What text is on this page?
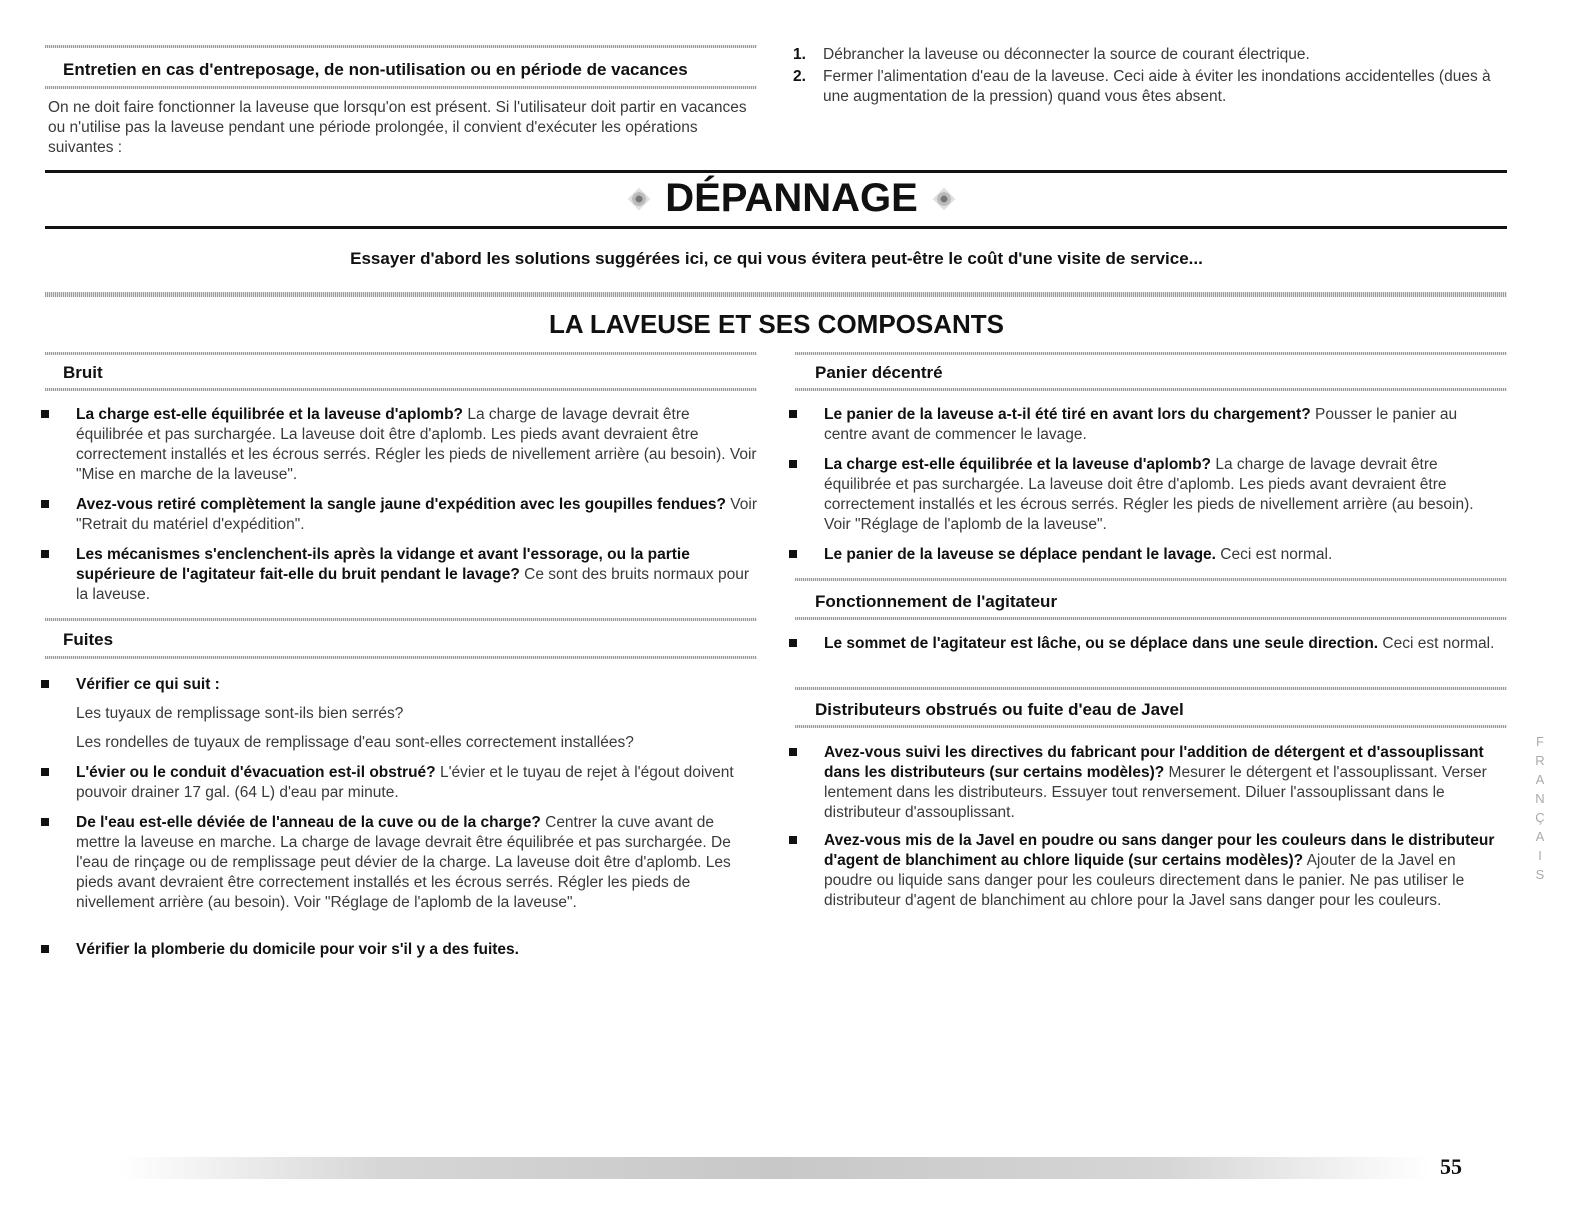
Entretien en cas d'entreposage, de non-utilisation ou en période de vacances
On ne doit faire fonctionner la laveuse que lorsqu'on est présent. Si l'utilisateur doit partir en vacances ou n'utilise pas la laveuse pendant une période prolongée, il convient d'exécuter les opérations suivantes :
1. Débrancher la laveuse ou déconnecter la source de courant électrique.
2. Fermer l'alimentation d'eau de la laveuse. Ceci aide à éviter les inondations accidentelles (dues à une augmentation de la pression) quand vous êtes absent.
DÉPANNAGE
Essayer d'abord les solutions suggérées ici, ce qui vous évitera peut-être le coût d'une visite de service...
LA LAVEUSE ET SES COMPOSANTS
Bruit
La charge est-elle équilibrée et la laveuse d'aplomb? La charge de lavage devrait être équilibrée et pas surchargée. La laveuse doit être d'aplomb. Les pieds avant devraient être correctement installés et les écrous serrés. Régler les pieds de nivellement arrière (au besoin). Voir "Mise en marche de la laveuse".
Avez-vous retiré complètement la sangle jaune d'expédition avec les goupilles fendues? Voir "Retrait du matériel d'expédition".
Les mécanismes s'enclenchent-ils après la vidange et avant l'essorage, ou la partie supérieure de l'agitateur fait-elle du bruit pendant le lavage? Ce sont des bruits normaux pour la laveuse.
Fuites
Vérifier ce qui suit :
Les tuyaux de remplissage sont-ils bien serrés?
Les rondelles de tuyaux de remplissage d'eau sont-elles correctement installées?
L'évier ou le conduit d'évacuation est-il obstrué? L'évier et le tuyau de rejet à l'égout doivent pouvoir drainer 17 gal. (64 L) d'eau par minute.
De l'eau est-elle déviée de l'anneau de la cuve ou de la charge? Centrer la cuve avant de mettre la laveuse en marche. La charge de lavage devrait être équilibrée et pas surchargée. De l'eau de rinçage ou de remplissage peut dévier de la charge. La laveuse doit être d'aplomb. Les pieds avant devraient être correctement installés et les écrous serrés. Régler les pieds de nivellement arrière (au besoin). Voir "Réglage de l'aplomb de la laveuse".
Vérifier la plomberie du domicile pour voir s'il y a des fuites.
Panier décentré
Le panier de la laveuse a-t-il été tiré en avant lors du chargement? Pousser le panier au centre avant de commencer le lavage.
La charge est-elle équilibrée et la laveuse d'aplomb? La charge de lavage devrait être équilibrée et pas surchargée. La laveuse doit être d'aplomb. Les pieds avant devraient être correctement installés et les écrous serrés. Régler les pieds de nivellement arrière (au besoin). Voir "Réglage de l'aplomb de la laveuse".
Le panier de la laveuse se déplace pendant le lavage. Ceci est normal.
Fonctionnement de l'agitateur
Le sommet de l'agitateur est lâche, ou se déplace dans une seule direction. Ceci est normal.
Distributeurs obstrués ou fuite d'eau de Javel
Avez-vous suivi les directives du fabricant pour l'addition de détergent et d'assouplissant dans les distributeurs (sur certains modèles)? Mesurer le détergent et l'assouplissant. Verser lentement dans les distributeurs. Essuyer tout renversement. Diluer l'assouplissant dans le distributeur d'assouplissant.
Avez-vous mis de la Javel en poudre ou sans danger pour les couleurs dans le distributeur d'agent de blanchiment au chlore liquide (sur certains modèles)? Ajouter de la Javel en poudre ou liquide sans danger pour les couleurs directement dans le panier. Ne pas utiliser le distributeur d'agent de blanchiment au chlore pour la Javel sans danger pour les couleurs.
FRANÇAIS
55
